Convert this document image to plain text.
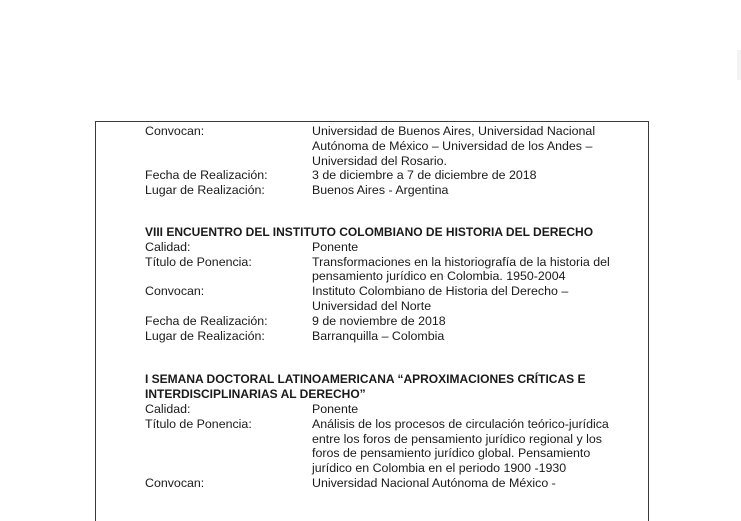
Convocan:	Universidad de Buenos Aires, Universidad Nacional
Autónoma de México – Universidad de los Andes –
Universidad del Rosario.
Fecha de Realización:	3 de diciembre a 7 de diciembre de 2018
Lugar de Realización:	Buenos Aires - Argentina
VIII ENCUENTRO DEL INSTITUTO COLOMBIANO DE HISTORIA DEL DERECHO
Calidad:	Ponente
Título de Ponencia:	Transformaciones en la historiografía de la historia del
pensamiento jurídico en Colombia. 1950-2004
Convocan:	Instituto Colombiano de Historia del Derecho –
Universidad del Norte
Fecha de Realización:	9 de noviembre de 2018
Lugar de Realización:	Barranquilla – Colombia
I SEMANA DOCTORAL LATINOAMERICANA “APROXIMACIONES CRÍTICAS E
INTERDISCIPLINARIAS AL DERECHO”
Calidad:	Ponente
Título de Ponencia:	Análisis de los procesos de circulación teórico-jurídica
entre los foros de pensamiento jurídico regional y los
foros de pensamiento jurídico global. Pensamiento
jurídico en Colombia en el periodo 1900 -1930
Convocan:	Universidad Nacional Autónoma de México -
